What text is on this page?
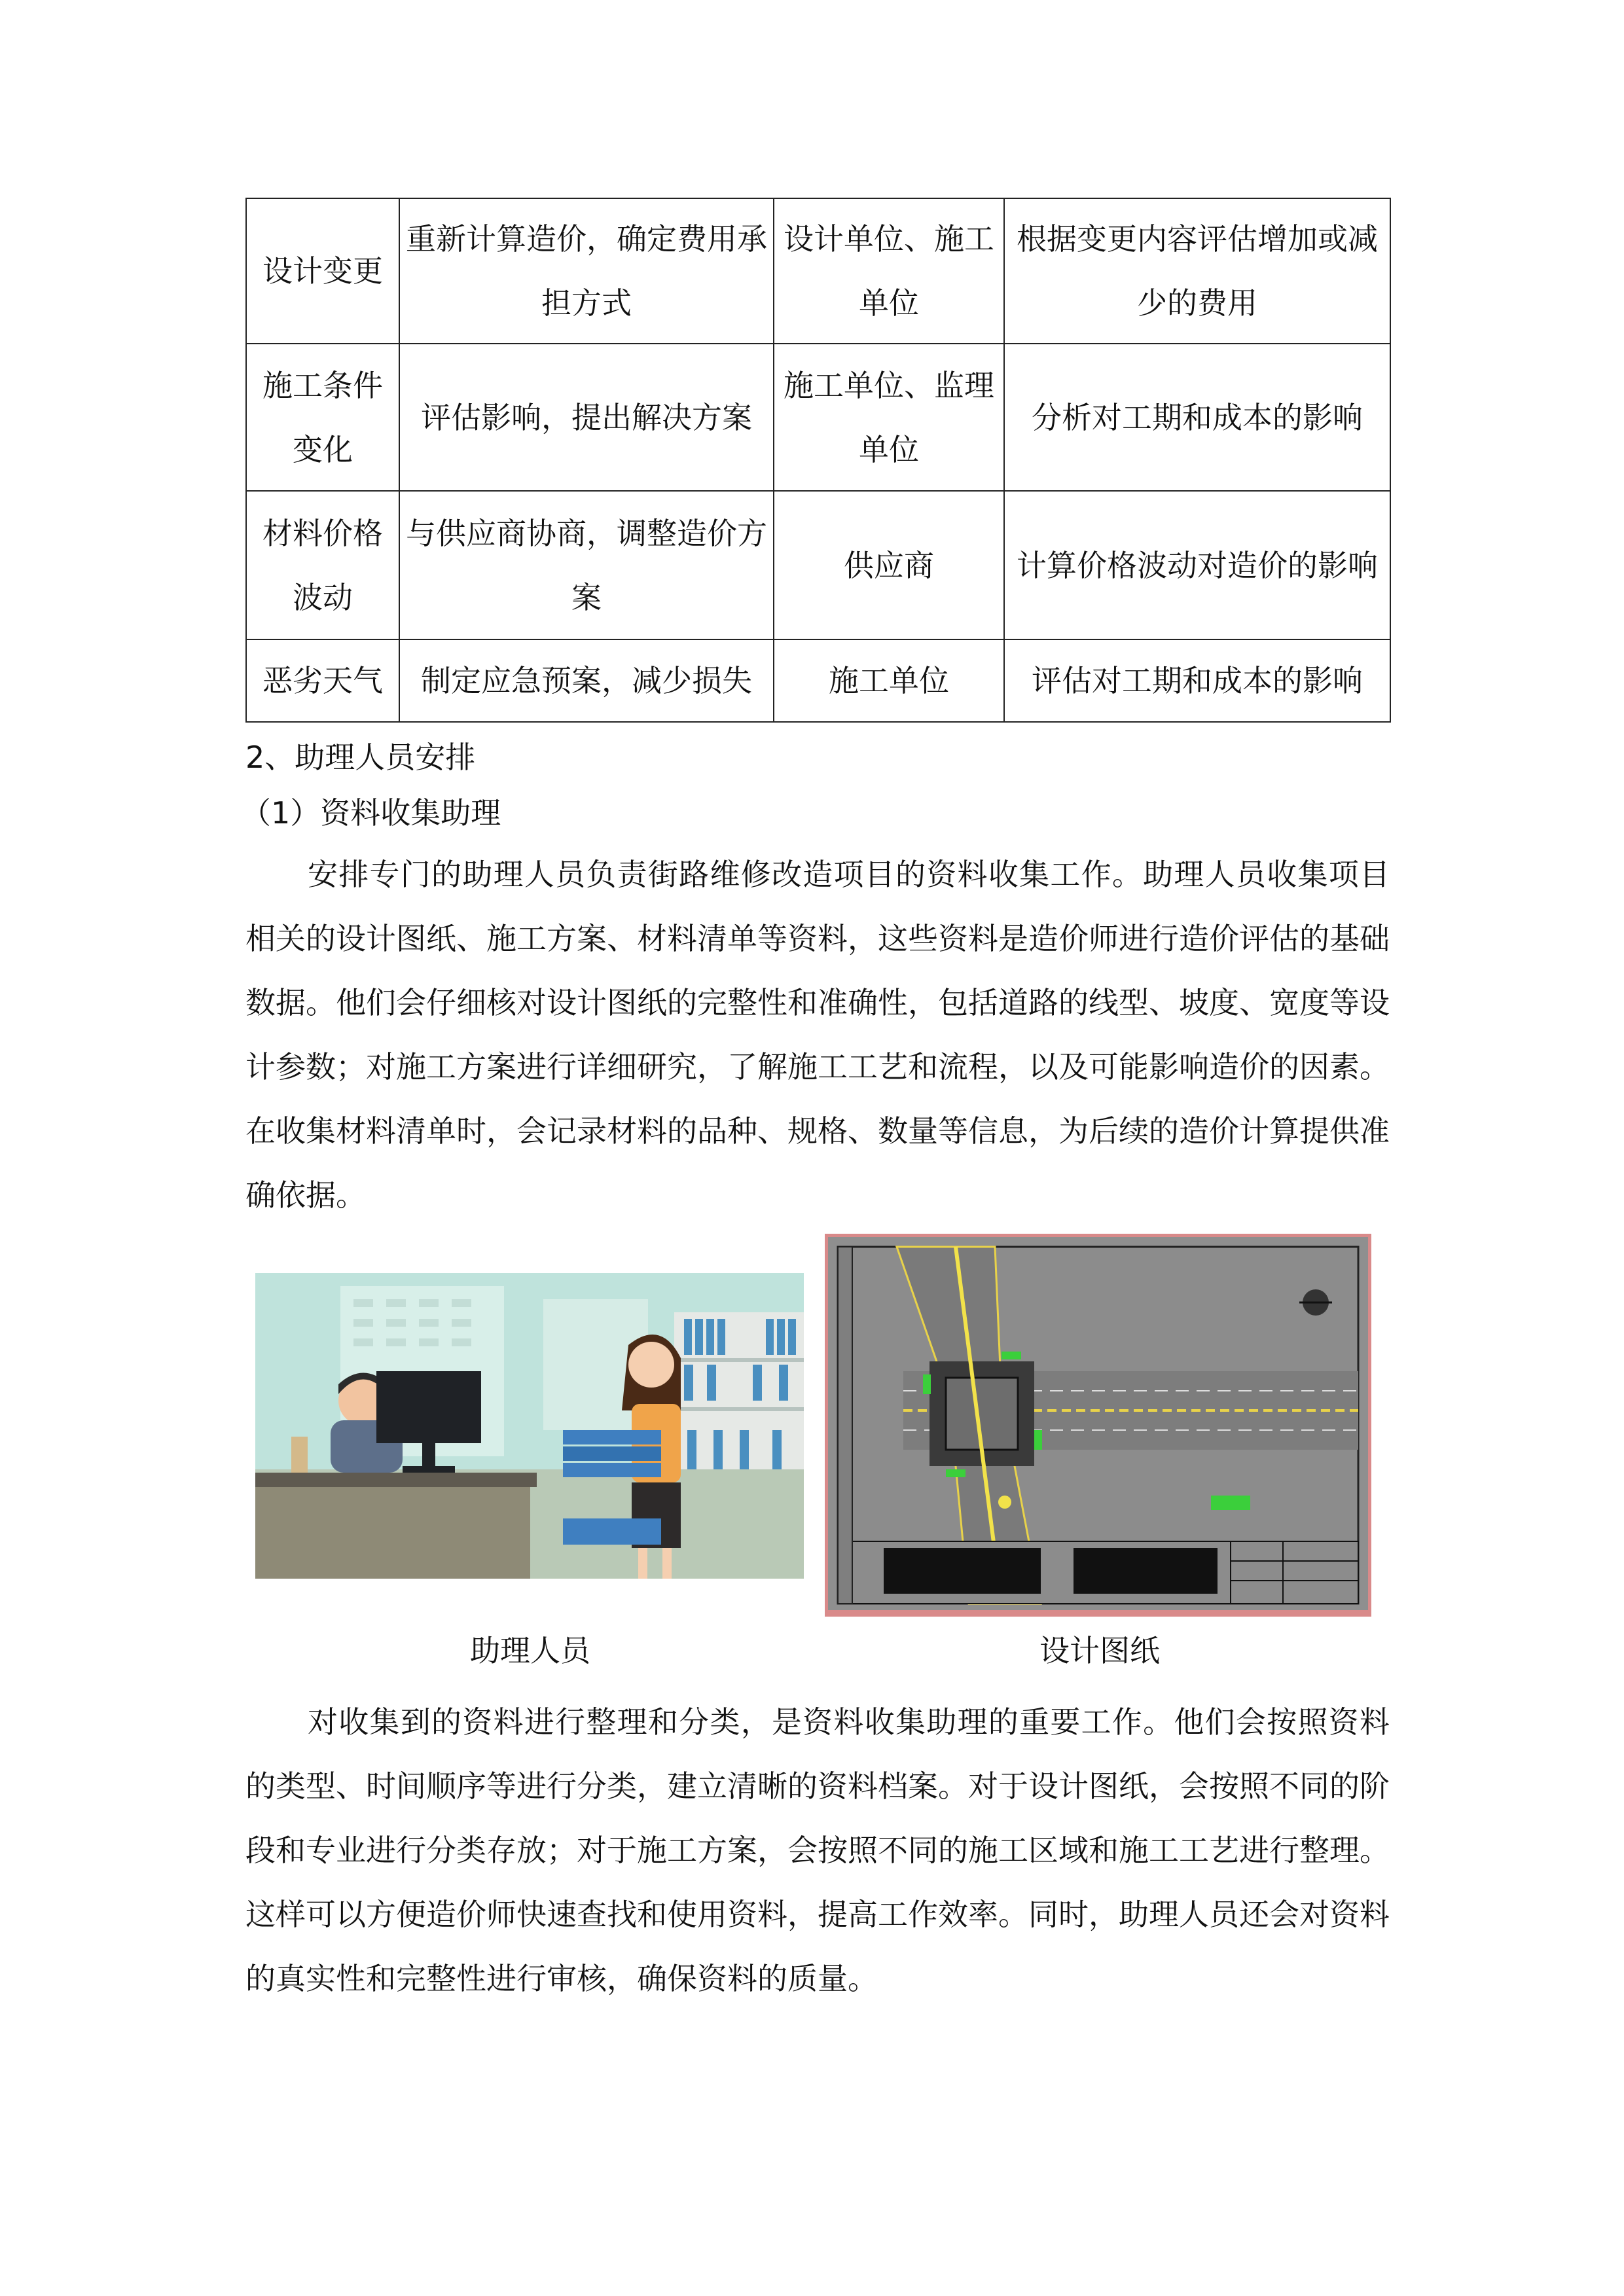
设计变更	重新计算造价，确定费用承担方式	设计单位、施工单位	根据变更内容评估增加或减少的费用
施工条件变化	评估影响，提出解决方案	施工单位、监理单位	分析对工期和成本的影响
材料价格波动	与供应商协商，调整造价方案	供应商	计算价格波动对造价的影响
恶劣天气	制定应急预案，减少损失	施工单位	评估对工期和成本的影响
2、助理人员安排
（1）资料收集助理
安排专门的助理人员负责街路维修改造项目的资料收集工作。助理人员收集项目相关的设计图纸、施工方案、材料清单等资料，这些资料是造价师进行造价评估的基础数据。他们会仔细核对设计图纸的完整性和准确性，包括道路的线型、坡度、宽度等设计参数；对施工方案进行详细研究，了解施工工艺和流程，以及可能影响造价的因素。在收集材料清单时，会记录材料的品种、规格、数量等信息，为后续的造价计算提供准确依据。
助理人员	设计图纸
对收集到的资料进行整理和分类，是资料收集助理的重要工作。他们会按照资料的类型、时间顺序等进行分类，建立清晰的资料档案。对于设计图纸，会按照不同的阶段和专业进行分类存放；对于施工方案，会按照不同的施工区域和施工工艺进行整理。这样可以方便造价师快速查找和使用资料，提高工作效率。同时，助理人员还会对资料的真实性和完整性进行审核，确保资料的质量。
